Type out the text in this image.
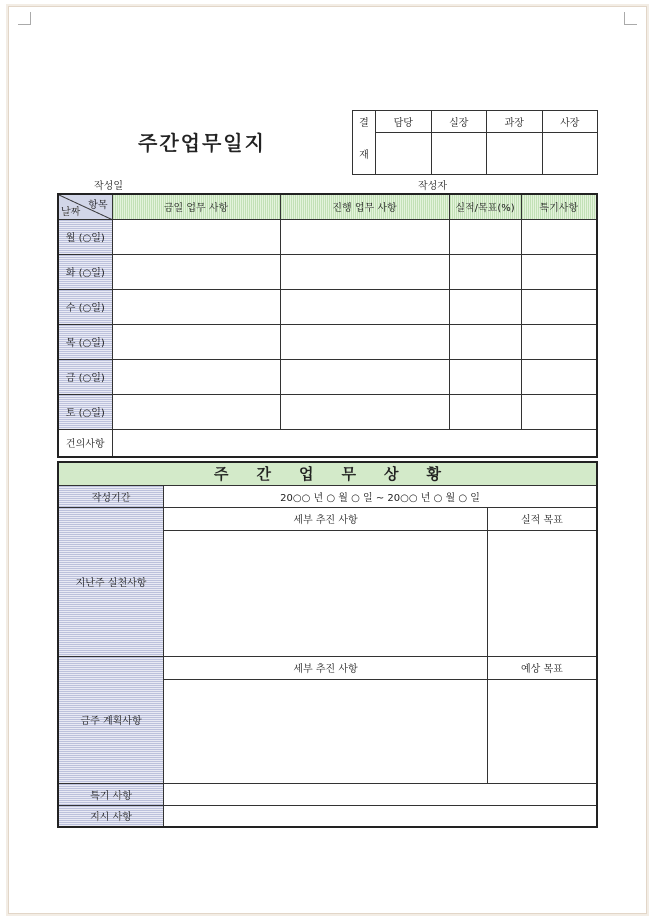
주간업무일지
결	담당	실장	과장	사장
재				
작성일	작성자
항목
날짜	금일 업무 사항	진행 업무 사항	실적/목표(%)	특기사항
월 (○일)				
화 (○일)				
수 (○일)				
목 (○일)				
금 (○일)				
토 (○일)				
건의사항				
주간업무상황		
작성기간	20○○ 년 ○ 월 ○ 일 ~ 20○○ 년 ○ 월 ○ 일	
지난주 실천사항	세부 추진 사항	실적 목표

금주 계획사항	세부 추진 사항	예상 목표

특기 사항		
지시 사항		
